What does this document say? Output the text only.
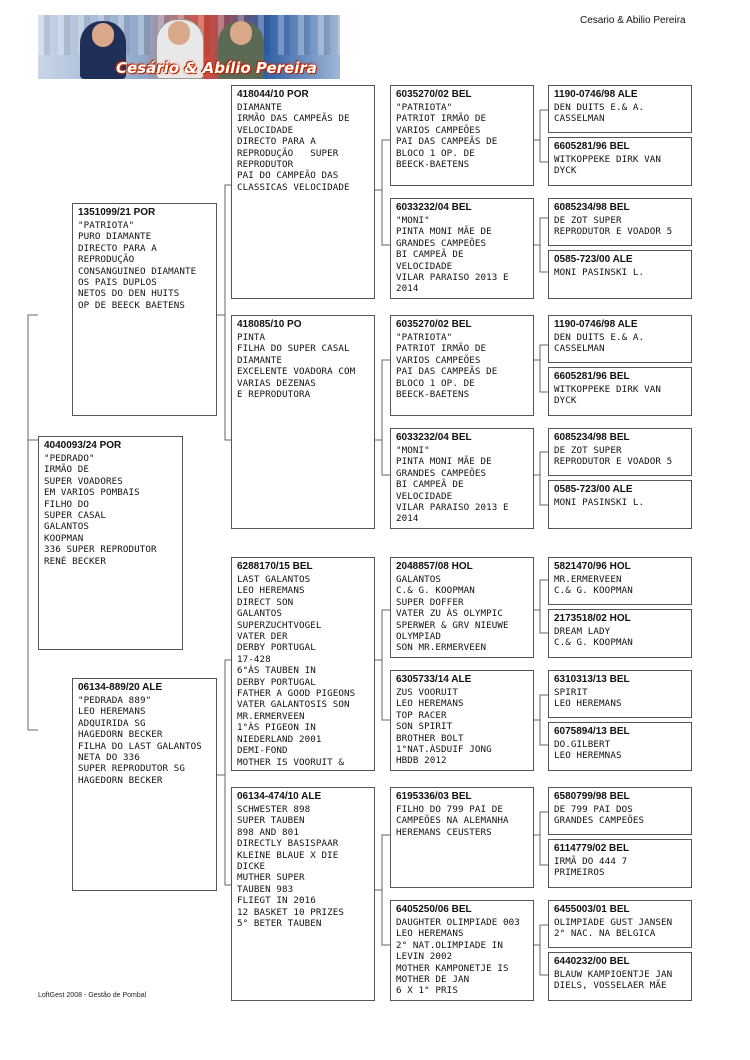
Cesário & Abílio Pereira
Cesario & Abilio Pereira
4040093/24 POR
"PEDRADO"
IRMÃO DE
SUPER VOADORES
EM VARIOS POMBAIS
FILHO DO
SUPER CASAL
GALANTOS
KOOPMAN
336 SUPER REPRODUTOR
RENÉ BECKER
1351099/21 POR
"PATRIOTA"
PURO DIAMANTE
DIRECTO PARA A
REPRODUÇÃO
CONSANGUINEO DIAMANTE
OS PAIS DUPLOS
NETOS DO DEN HUITS
OP DE BEECK BAETENS
06134-889/20 ALE
"PEDRADA 889"
LEO HEREMANS
ADQUIRIDA SG
HAGEDORN BECKER
FILHA DO LAST GALANTOS
NETA DO 336
SUPER REPRODUTOR SG
HAGEDORN BECKER
418044/10 POR
DIAMANTE
IRMÃO DAS CAMPEÃS DE
VELOCIDADE
DIRECTO PARA A
REPRODUÇÃO   SUPER
REPRODUTOR
PAI DO CAMPEÃO DAS
CLASSICAS VELOCIDADE
418085/10 PO
PINTA
FILHA DO SUPER CASAL
DIAMANTE
EXCELENTE VOADORA COM
VARIAS DEZENAS
E REPRODUTORA
6288170/15 BEL
LAST GALANTOS
LEO HEREMANS
DIRECT SON
GALANTOS
SUPERZUCHTVOGEL
VATER DER
DERBY PORTUGAL
17-428
6°ÀS TAUBEN IN
DERBY PORTUGAL
FATHER A GOOD PIGEONS
VATER GALANTOSIS SON
MR.ERMERVEEN
1°ÀS PIGEON IN
NIEDERLAND 2001
DEMI-FOND
MOTHER IS VOORUIT &
06134-474/10 ALE
SCHWESTER 898
SUPER TAUBEN
898 AND 801
DIRECTLY BASISPAAR
KLEINE BLAUE X DIE
DICKE
MUTHER SUPER
TAUBEN 983
FLIEGT IN 2016
12 BASKET 10 PRIZES
5° BETER TAUBEN
6035270/02 BEL
"PATRIOTA"
PATRIOT IRMÃO DE
VARIOS CAMPEÕES
PAI DAS CAMPEÃS DE
BLOCO 1 OP. DE
BEECK-BAETENS
6033232/04 BEL
"MONI"
PINTA MONI MÃE DE
GRANDES CAMPEÕES
BI CAMPEÃ DE
VELOCIDADE
VILAR PARAISO 2013 E
2014
6035270/02 BEL
"PATRIOTA"
PATRIOT IRMÃO DE
VARIOS CAMPEÕES
PAI DAS CAMPEÃS DE
BLOCO 1 OP. DE
BEECK-BAETENS
6033232/04 BEL
"MONI"
PINTA MONI MÃE DE
GRANDES CAMPEÕES
BI CAMPEÃ DE
VELOCIDADE
VILAR PARAISO 2013 E
2014
2048857/08 HOL
GALANTOS
C.& G. KOOPMAN
SUPER DOFFER
VATER ZU ÀS OLYMPIC
SPERWER & GRV NIEUWE
OLYMPIAD
SON MR.ERMERVEEN
6305733/14 ALE
ZUS VOORUIT
LEO HEREMANS
TOP RACER
SON SPIRIT
BROTHER BOLT
1°NAT.ÀSDUIF JONG
HBDB 2012
6195336/03 BEL
FILHO DO 799 PAI DE
CAMPEÕES NA ALEMANHA
HEREMANS CEUSTERS
6405250/06 BEL
DAUGHTER OLIMPIADE 003
LEO HEREMANS
2° NAT.OLIMPIADE IN
LEVIN 2002
MOTHER KAMPONETJE IS
MOTHER DE JAN
6 X 1° PRIS
1190-0746/98 ALE
DEN DUITS E.& A.
CASSELMAN
6605281/96 BEL
WITKOPPEKE DIRK VAN
DYCK
6085234/98 BEL
DE ZOT SUPER
REPRODUTOR E VOADOR 5
0585-723/00 ALE
MONI PASINSKI L.
1190-0746/98 ALE
DEN DUITS E.& A.
CASSELMAN
6605281/96 BEL
WITKOPPEKE DIRK VAN
DYCK
6085234/98 BEL
DE ZOT SUPER
REPRODUTOR E VOADOR 5
0585-723/00 ALE
MONI PASINSKI L.
5821470/96 HOL
MR.ERMERVEEN
C.& G. KOOPMAN
2173518/02 HOL
DREAM LADY
C.& G. KOOPMAN
6310313/13 BEL
SPIRIT
LEO HEREMANS
6075894/13 BEL
DO.GILBERT
LEO HEREMNAS
6580799/98 BEL
DE 799 PAI DOS
GRANDES CAMPEÕES
6114779/02 BEL
IRMÃ DO 444 7
PRIMEIROS
6455003/01 BEL
OLIMPIADE GUST JANSEN
2° NAC. NA BELGICA
6440232/00 BEL
BLAUW KAMPIOENTJE JAN
DIELS, VOSSELAER MÃE
LoftGest 2008 - Gestão de Pombal
